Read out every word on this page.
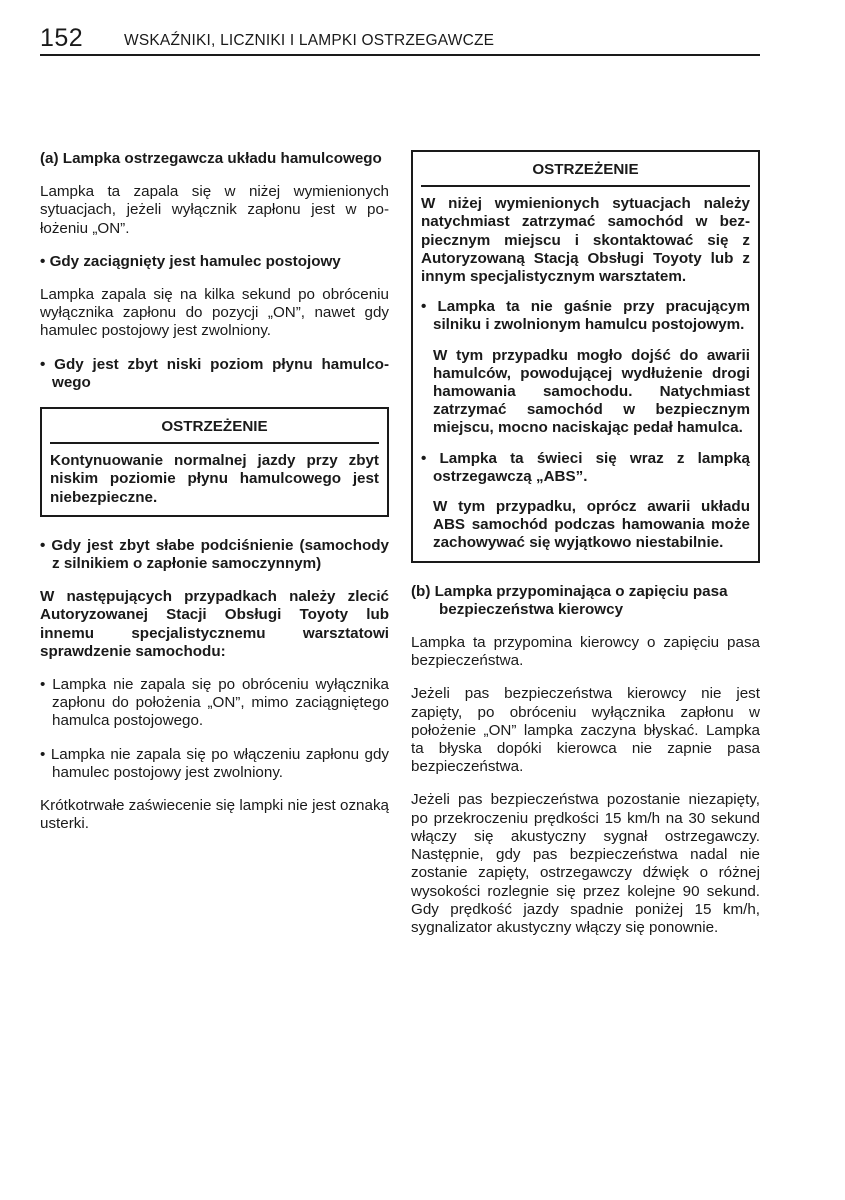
152	WSKAŹNIKI, LICZNIKI I LAMPKI OSTRZEGAWCZE

(a) Lampka ostrzegawcza układu hamulcowego

Lampka ta zapala się w niżej wymienionych sytuacjach, jeżeli wyłącznik zapłonu jest w położeniu „ON”.

• Gdy zaciągnięty jest hamulec postojowy

Lampka zapala się na kilka sekund po obróceniu wyłącznika zapłonu do pozycji „ON”, nawet gdy hamulec postojowy jest zwolniony.

• Gdy jest zbyt niski poziom płynu hamulcowego

OSTRZEŻENIE

Kontynuowanie normalnej jazdy przy zbyt niskim poziomie płynu hamulcowego jest niebezpieczne.

• Gdy jest zbyt słabe podciśnienie (samochody z silnikiem o zapłonie samoczynnym)

W następujących przypadkach należy zlecić Autoryzowanej Stacji Obsługi Toyoty lub innemu specjalistycznemu warsztatowi sprawdzenie samochodu:

• Lampka nie zapala się po obróceniu wyłącznika zapłonu do położenia „ON”, mimo zaciągniętego hamulca postojowego.

• Lampka nie zapala się po włączeniu zapłonu gdy hamulec postojowy jest zwolniony.

Krótkotrwałe zaświecenie się lampki nie jest oznaką usterki.

OSTRZEŻENIE

W niżej wymienionych sytuacjach należy natychmiast zatrzymać samochód w bezpiecznym miejscu i skontaktować się z Autoryzowaną Stacją Obsługi Toyoty lub z innym specjalistycznym warsztatem.

• Lampka ta nie gaśnie przy pracującym silniku i zwolnionym hamulcu postojowym.

W tym przypadku mogło dojść do awarii hamulców, powodującej wydłużenie drogi hamowania samochodu. Natychmiast zatrzymać samochód w bezpiecznym miejscu, mocno naciskając pedał hamulca.

• Lampka ta świeci się wraz z lampką ostrzegawczą „ABS”.

W tym przypadku, oprócz awarii układu ABS samochód podczas hamowania może zachowywać się wyjątkowo niestabilnie.

(b) Lampka przypominająca o zapięciu pasa bezpieczeństwa kierowcy

Lampka ta przypomina kierowcy o zapięciu pasa bezpieczeństwa.

Jeżeli pas bezpieczeństwa kierowcy nie jest zapięty, po obróceniu wyłącznika zapłonu w położenie „ON” lampka zaczyna błyskać. Lampka ta błyska dopóki kierowca nie zapnie pasa bezpieczeństwa.

Jeżeli pas bezpieczeństwa pozostanie niezapięty, po przekroczeniu prędkości 15 km/h na 30 sekund włączy się akustyczny sygnał ostrzegawczy. Następnie, gdy pas bezpieczeństwa nadal nie zostanie zapięty, ostrzegawczy dźwięk o różnej wysokości rozlegnie się przez kolejne 90 sekund. Gdy prędkość jazdy spadnie poniżej 15 km/h, sygnalizator akustyczny włączy się ponownie.
